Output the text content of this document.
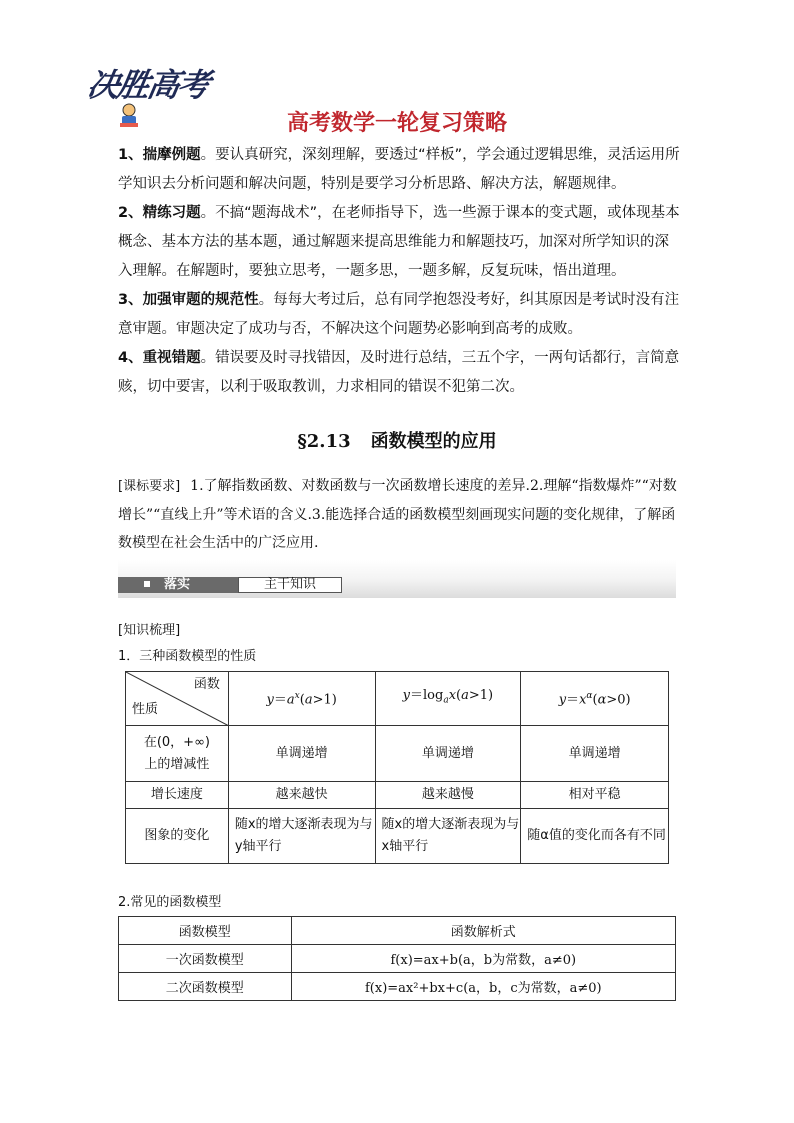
决胜高考
高考数学一轮复习策略
1、揣摩例题。要认真研究，深刻理解，要透过“样板”，学会通过逻辑思维，灵活运用所学知识去分析问题和解决问题，特别是要学习分析思路、解决方法，解题规律。
2、精练习题。不搞“题海战术”，在老师指导下，选一些源于课本的变式题，或体现基本概念、基本方法的基本题，通过解题来提高思维能力和解题技巧，加深对所学知识的深入理解。在解题时，要独立思考，一题多思，一题多解，反复玩味，悟出道理。
3、加强审题的规范性。每每大考过后，总有同学抱怨没考好，纠其原因是考试时没有注意审题。审题决定了成功与否，不解决这个问题势必影响到高考的成败。
4、重视错题。错误要及时寻找错因，及时进行总结，三五个字，一两句话都行，言简意赅，切中要害，以利于吸取教训，力求相同的错误不犯第二次。
§2.13 函数模型的应用
[课标要求] 1.了解指数函数、对数函数与一次函数增长速度的差异.2.理解“指数爆炸”“对数增长”“直线上升”等术语的含义.3.能选择合适的函数模型刻画现实问题的变化规律，了解函数模型在社会生活中的广泛应用.
落实	主干知识
[知识梳理]
1．三种函数模型的性质
函数
性质	$y=a^x(a>1)$	$y=\log_ax(a>1)$	$y=x^\alpha(\alpha>0)$
在(0，+∞)
上的增减性	单调递增	单调递增	单调递增
增长速度	越来越快	越来越慢	相对平稳
图象的变化	随x的增大逐渐表现为与y轴平行	随x的增大逐渐表现为与x轴平行	随α值的变化而各有不同
2.常见的函数模型
函数模型	函数解析式
一次函数模型	f(x)=ax+b(a，b为常数，a≠0)
二次函数模型	f(x)=ax²+bx+c(a，b，c为常数，a≠0)
